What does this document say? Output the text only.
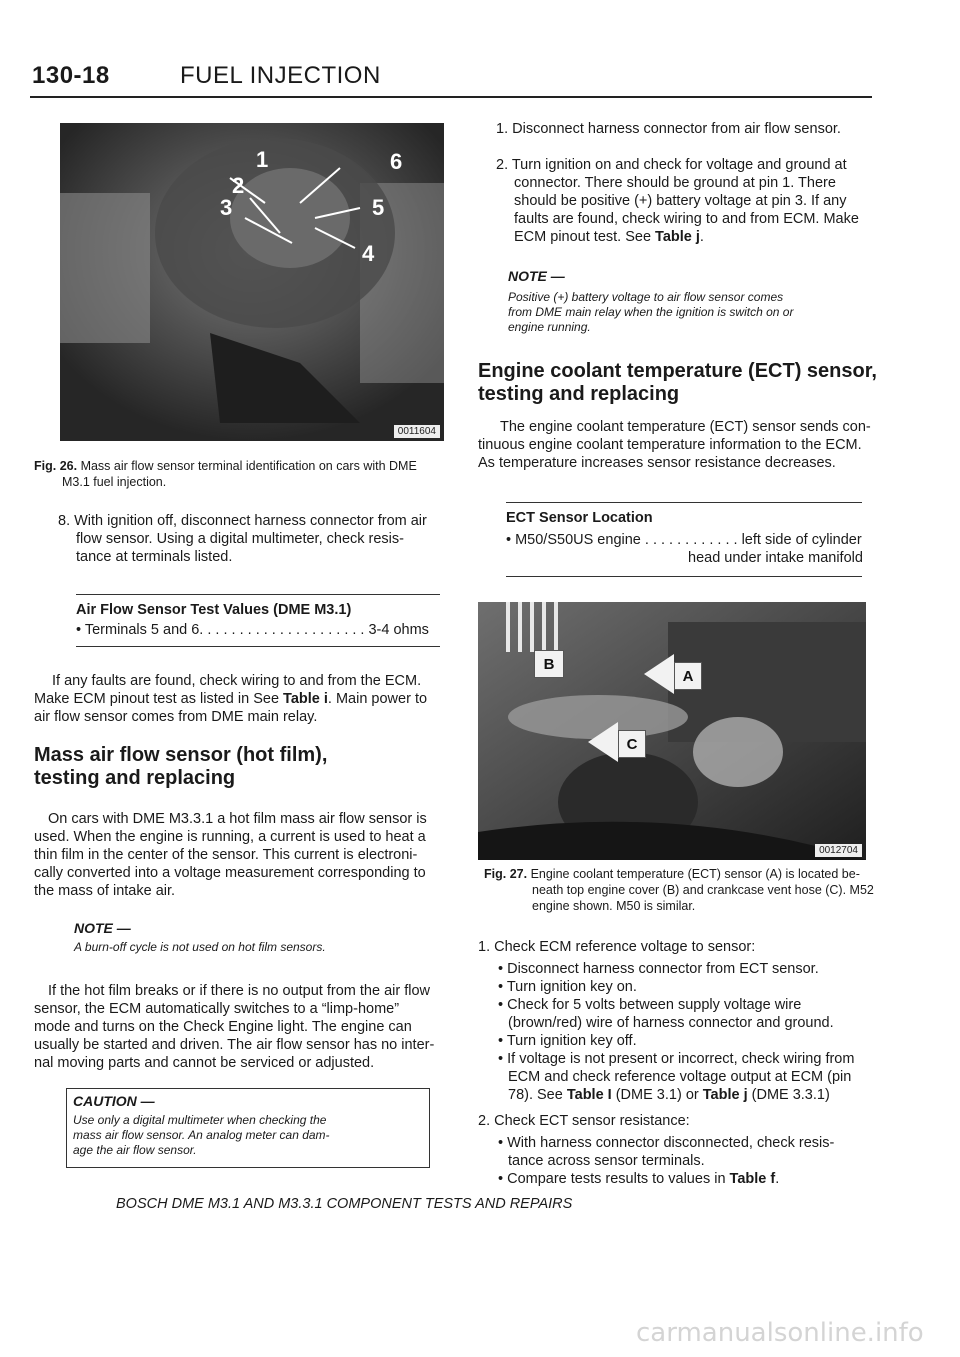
130-18	FUEL INJECTION
1
2
3
4
5
6
0011604
Fig. 26. Mass air flow sensor terminal identification on cars with DME
M3.1 fuel injection.

8. With ignition off, disconnect harness connector from air

flow sensor. Using a digital multimeter, check resis-

tance at terminals listed.

Air Flow Sensor Test Values (DME M3.1)
• Terminals 5 and 6. . . . . . . . . . . . . . . . . . . . . 3-4 ohms

If any faults are found, check wiring to and from the ECM.

Make ECM pinout test as listed in See Table i. Main power to

air flow sensor comes from DME main relay.

Mass air flow sensor (hot film),
testing and replacing

On cars with DME M3.3.1 a hot film mass air flow sensor is

used. When the engine is running, a current is used to heat a

thin film in the center of the sensor. This current is electroni-

cally converted into a voltage measurement corresponding to

the mass of intake air.

NOTE —
A burn-off cycle is not used on hot film sensors.

If the hot film breaks or if there is no output from the air flow

sensor, the ECM automatically switches to a “limp-home”

mode and turns on the Check Engine light. The engine can

usually be started and driven. The air flow sensor has no inter-

nal moving parts and cannot be serviced or adjusted.

CAUTION —
Use only a digital multimeter when checking the
mass air flow sensor. An analog meter can dam-
age the air flow sensor.

1. Disconnect harness connector from air flow sensor.

2. Turn ignition on and check for voltage and ground at

connector. There should be ground at pin 1. There

should be positive (+) battery voltage at pin 3. If any

faults are found, check wiring to and from ECM. Make

ECM pinout test. See Table j.

NOTE —
Positive (+) battery voltage to air flow sensor comes
from DME main relay when the ignition is switch on or
engine running.
Engine coolant temperature (ECT) sensor,
testing and replacing

The engine coolant temperature (ECT) sensor sends con-

tinuous engine coolant temperature information to the ECM.

As temperature increases sensor resistance decreases.

ECT Sensor Location
• M50/S50US engine . . . . . . . . . . . . left side of cylinder
head under intake manifold
B
A
C
0012704
Fig. 27. Engine coolant temperature (ECT) sensor (A) is located be-
neath top engine cover (B) and crankcase vent hose (C). M52
engine shown. M50 is similar.

1. Check ECM reference voltage to sensor:

• Disconnect harness connector from ECT sensor.

• Turn ignition key on.

• Check for 5 volts between supply voltage wire

(brown/red) wire of harness connector and ground.

• Turn ignition key off.

• If voltage is not present or incorrect, check wiring from

ECM and check reference voltage output at ECM (pin

78). See Table I (DME 3.1) or Table j (DME 3.3.1)

2. Check ECT sensor resistance:

• With harness connector disconnected, check resis-

tance across sensor terminals.

• Compare tests results to values in Table f.

BOSCH DME M3.1 AND M3.3.1 COMPONENT TESTS AND REPAIRS
carmanualsonline.info
